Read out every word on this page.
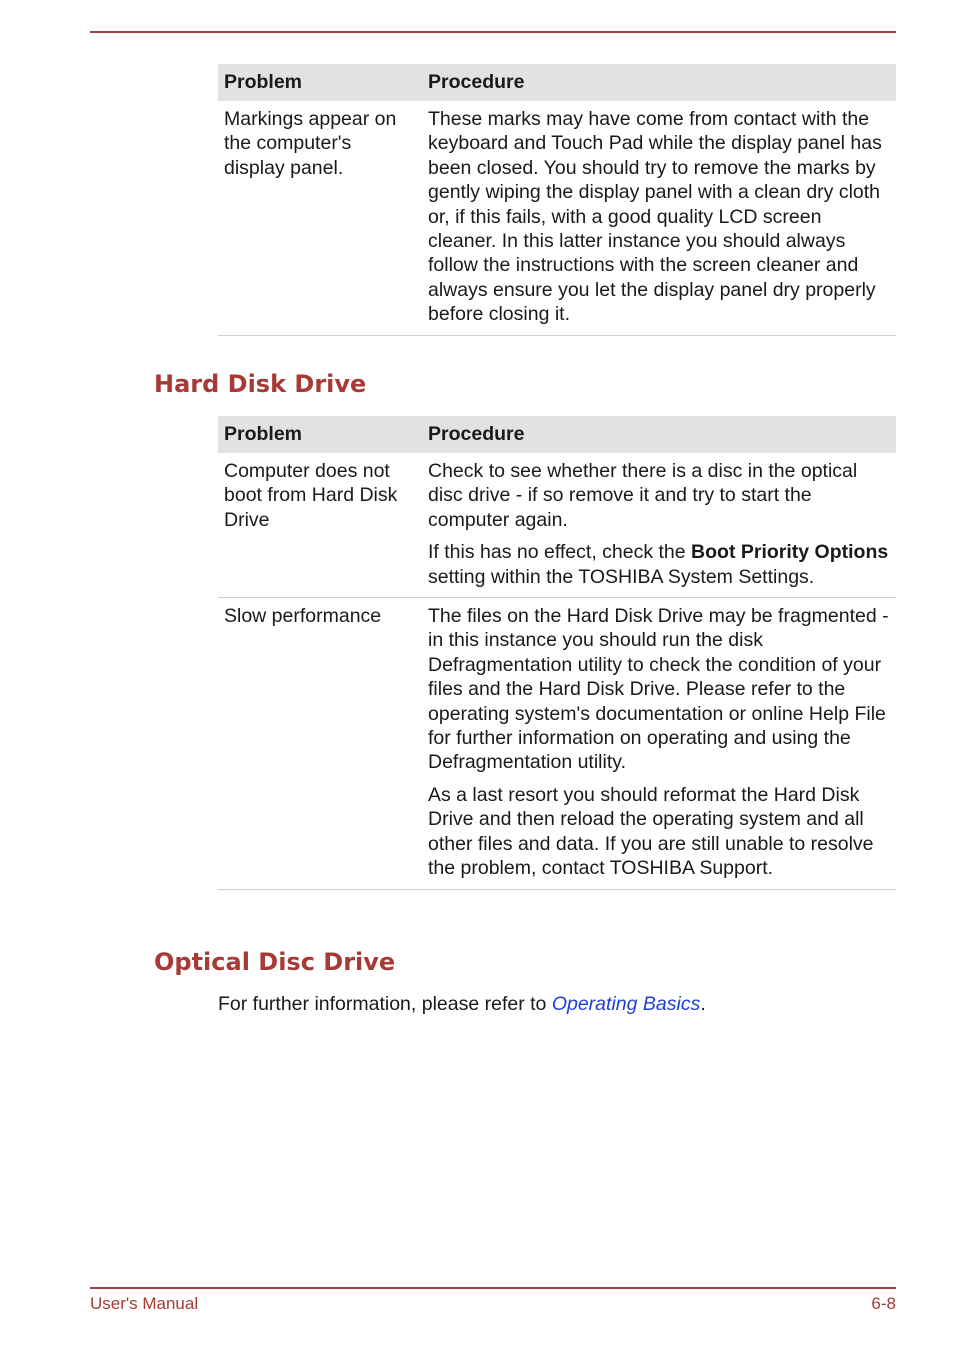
Problem	Procedure
Markings appear on the computer's display panel.	These marks may have come from contact with the keyboard and Touch Pad while the display panel has been closed. You should try to remove the marks by gently wiping the display panel with a clean dry cloth or, if this fails, with a good quality LCD screen cleaner. In this latter instance you should always follow the instructions with the screen cleaner and always ensure you let the display panel dry properly before closing it.

Hard Disk Drive
Problem	Procedure
Computer does not boot from Hard Disk Drive	Check to see whether there is a disc in the optical disc drive - if so remove it and try to start the computer again.

If this has no effect, check the Boot Priority Options setting within the TOSHIBA System Settings.

Slow performance	The files on the Hard Disk Drive may be fragmented - in this instance you should run the disk Defragmentation utility to check the condition of your files and the Hard Disk Drive. Please refer to the operating system's documentation or online Help File for further information on operating and using the Defragmentation utility.

As a last resort you should reformat the Hard Disk Drive and then reload the operating system and all other files and data. If you are still unable to resolve the problem, contact TOSHIBA Support.

Optical Disc Drive

For further information, please refer to Operating Basics.

User's Manual	6-8
